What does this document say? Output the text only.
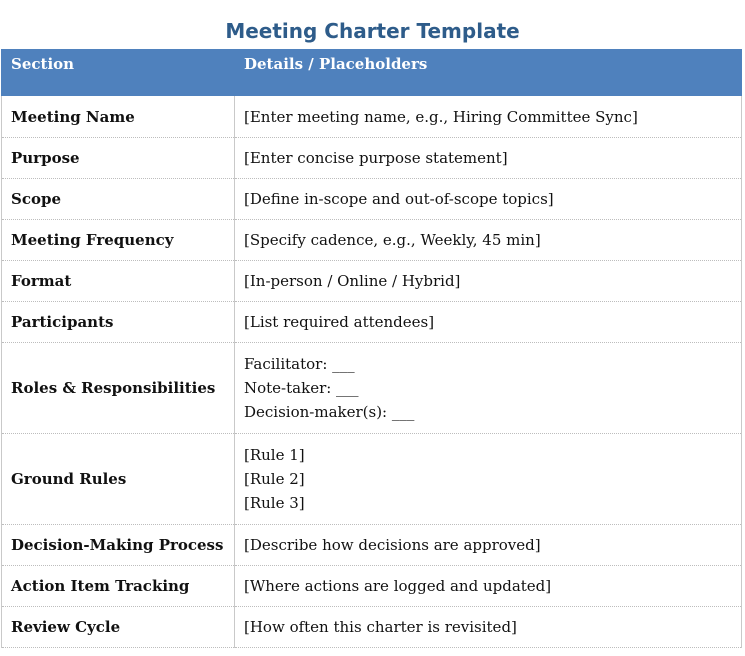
Meeting Charter Template
Section	Details / Placeholders
Meeting Name	[Enter meeting name, e.g., Hiring Committee Sync]

Purpose	[Enter concise purpose statement]

Scope	[Define in-scope and out-of-scope topics]

Meeting Frequency	[Specify cadence, e.g., Weekly, 45 min]

Format	[In-person / Online / Hybrid]

Participants	[List required attendees]

Roles & Responsibilities	Facilitator: ___
Note-taker: ___
Decision-maker(s): ___

Ground Rules	[Rule 1]
[Rule 2]
[Rule 3]

Decision-Making Process	[Describe how decisions are approved]

Action Item Tracking	[Where actions are logged and updated]

Review Cycle	[How often this charter is revisited]
